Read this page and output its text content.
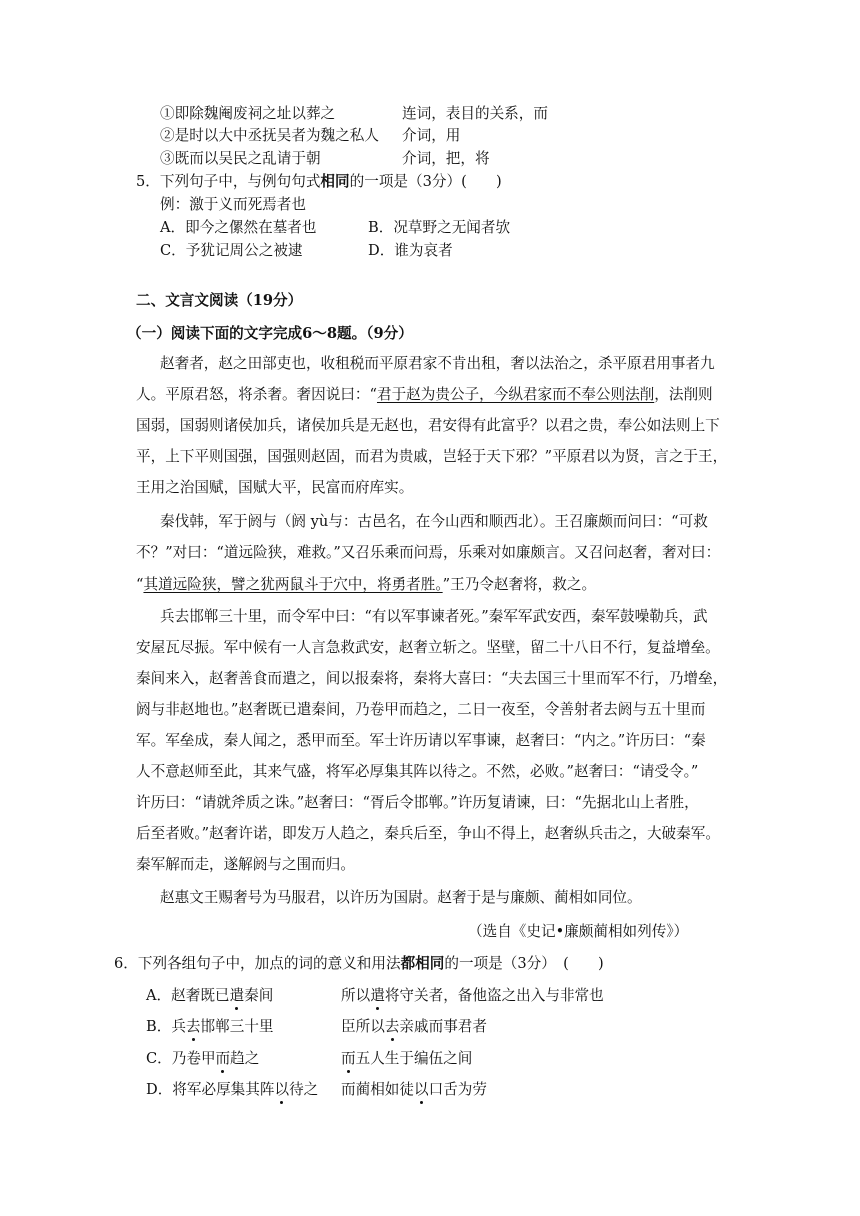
①即除魏阉废祠之址以葬之	连词，表目的关系，而
②是时以大中丞抚吴者为魏之私人 介词，用
③既而以吴民之乱请于朝	介词，把，将
5．下列句子中，与例句句式相同的一项是（3分）(　　)
例：激于义而死焉者也
A．即今之傫然在墓者也	B．况草野之无闻者欤
C．予犹记周公之被逮	D．谁为哀者
二、文言文阅读（19分）
（一）阅读下面的文字完成6～8题。（9分）
赵奢者，赵之田部吏也，收租税而平原君家不肯出租，奢以法治之，杀平原君用事者九
人。平原君怒，将杀奢。奢因说曰：“君于赵为贵公子，今纵君家而不奉公则法削，法削则
国弱，国弱则诸侯加兵，诸侯加兵是无赵也，君安得有此富乎？以君之贵，奉公如法则上下
平，上下平则国强，国强则赵固，而君为贵戚，岂轻于天下邪？”平原君以为贤，言之于王，
王用之治国赋，国赋大平，民富而府库实。
秦伐韩，军于阏与（阏 yù与：古邑名，在今山西和顺西北）。王召廉颇而问曰：“可救
不？”对曰：“道远险狭，难救。”又召乐乘而问焉，乐乘对如廉颇言。又召问赵奢，奢对曰：
“其道远险狭，譬之犹两鼠斗于穴中，将勇者胜。”王乃令赵奢将，救之。
兵去邯郸三十里，而令军中曰：“有以军事谏者死。”秦军军武安西，秦军鼓噪勒兵，武
安屋瓦尽振。军中候有一人言急救武安，赵奢立斩之。坚壁，留二十八日不行，复益增垒。
秦间来入，赵奢善食而遣之，间以报秦将，秦将大喜曰：“夫去国三十里而军不行，乃增垒，
阏与非赵地也。”赵奢既已遣秦间，乃卷甲而趋之，二日一夜至，令善射者去阏与五十里而
军。军垒成，秦人闻之，悉甲而至。军士许历请以军事谏，赵奢曰：“内之。”许历曰：“秦
人不意赵师至此，其来气盛，将军必厚集其阵以待之。不然，必败。”赵奢曰：“请受令。”
许历曰：“请就斧质之诛。”赵奢曰：“胥后令邯郸。”许历复请谏，曰：“先据北山上者胜，
后至者败。”赵奢许诺，即发万人趋之，秦兵后至，争山不得上，赵奢纵兵击之，大破秦军。
秦军解而走，遂解阏与之围而归。
赵惠文王赐奢号为马服君，以许历为国尉。赵奢于是与廉颇、蔺相如同位。
（选自《史记•廉颇蔺相如列传》）
6．下列各组句子中，加点的词的意义和用法都相同的一项是（3分）　(　　)
A．赵奢既已遣秦间	所以遣将守关者，备他盗之出入与非常也
B．兵去邯郸三十里	臣所以去亲戚而事君者
C．乃卷甲而趋之	而五人生于编伍之间
D．将军必厚集其阵以待之 而蔺相如徒以口舌为劳
